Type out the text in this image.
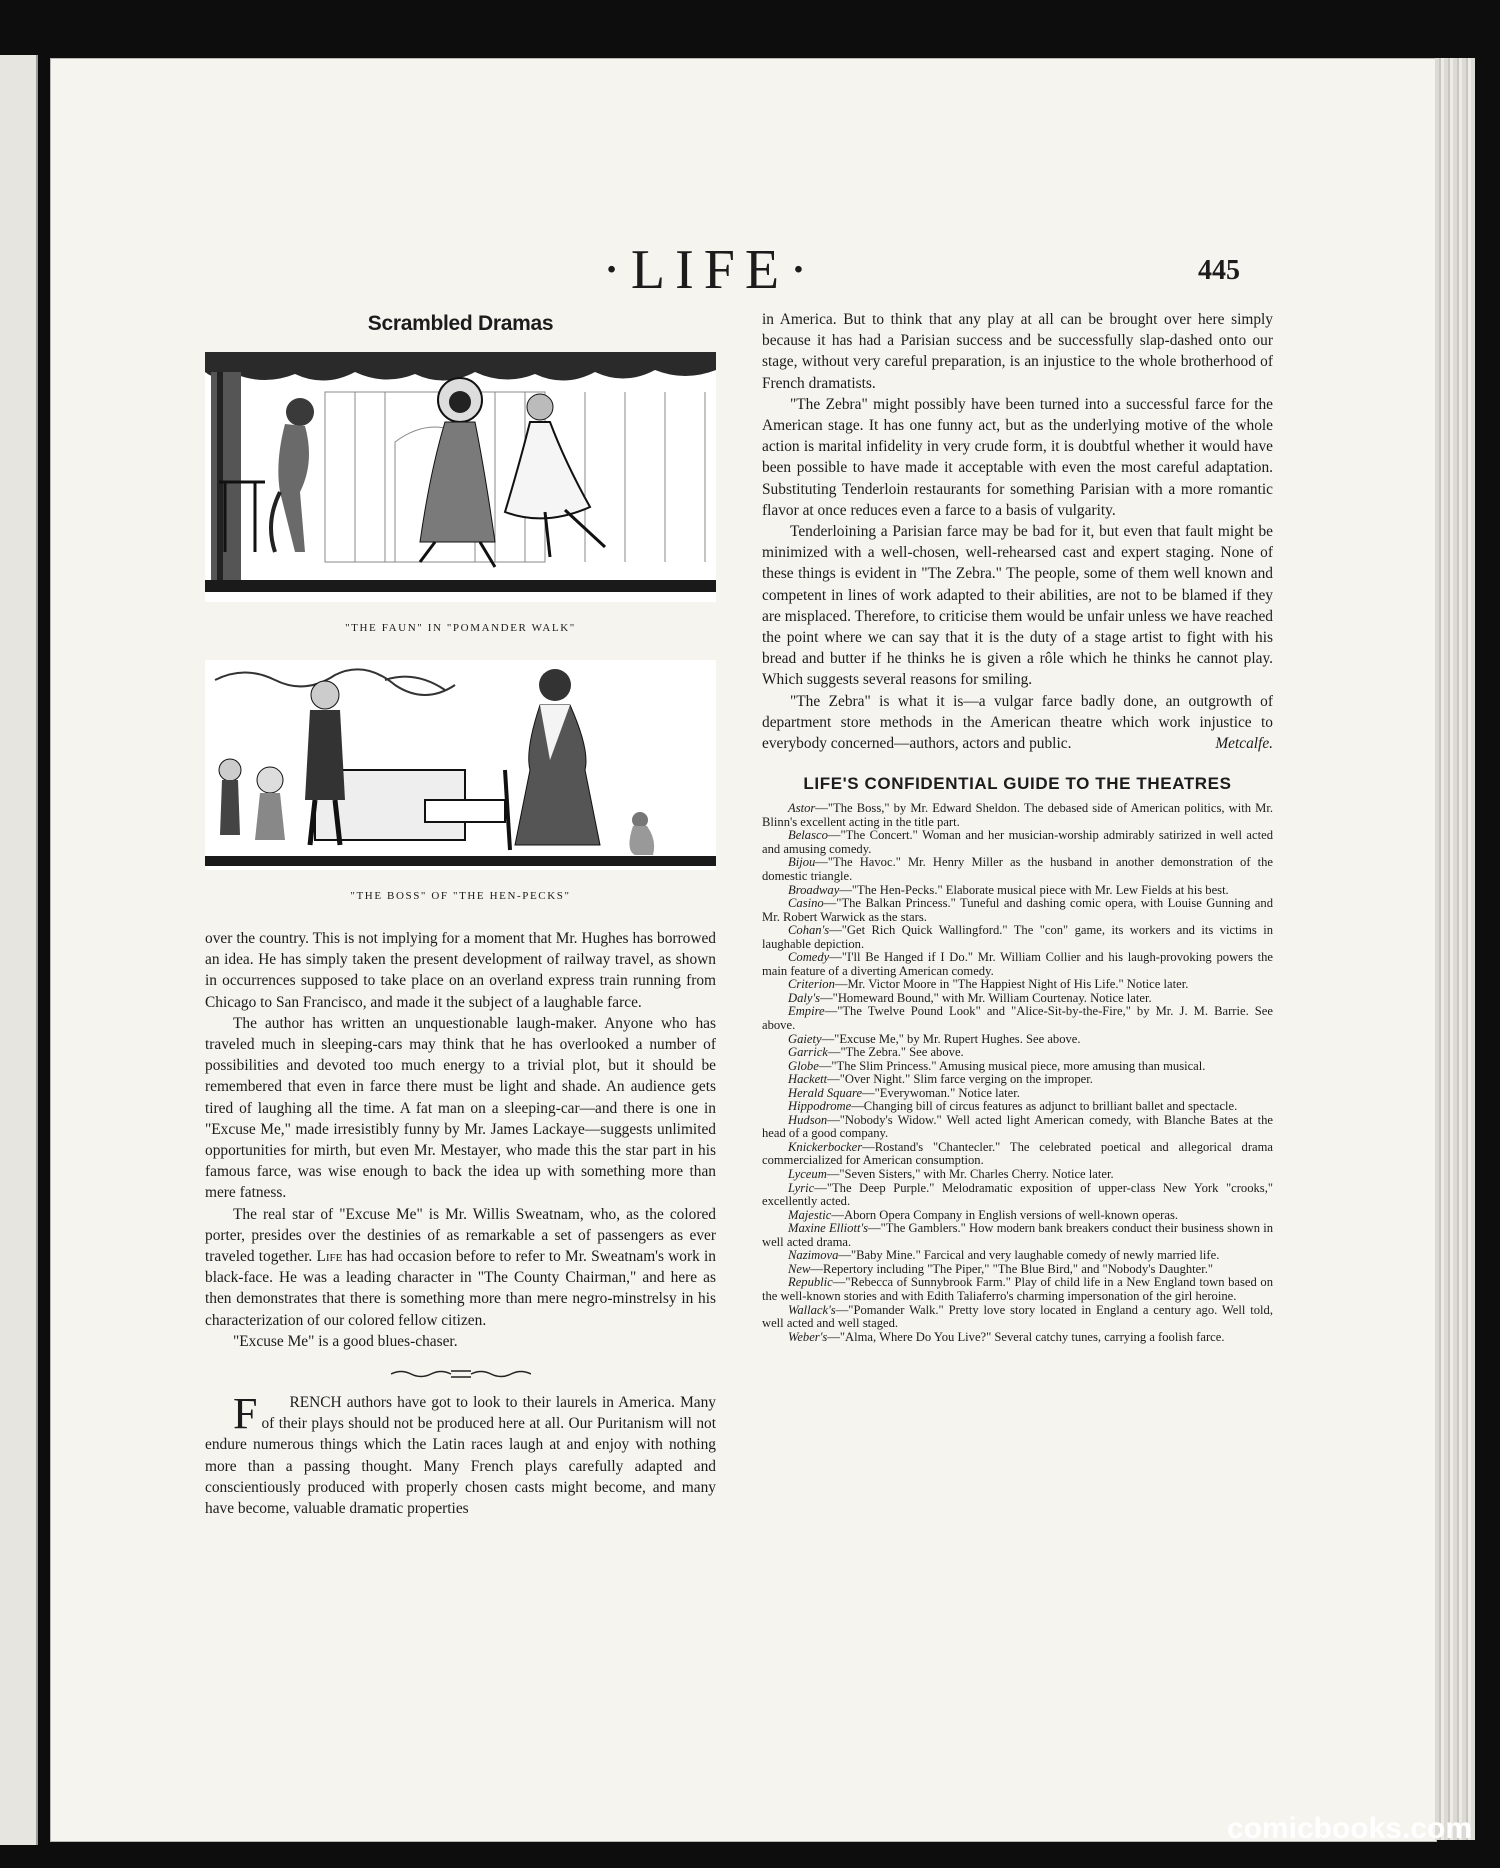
·LIFE·	445
Scrambled Dramas
"THE FAUN" IN "POMANDER WALK"
"THE BOSS" OF "THE HEN-PECKS"

over the country. This is not implying for a moment that Mr. Hughes has borrowed an idea. He has simply taken the present development of railway travel, as shown in occurrences supposed to take place on an overland express train running from Chicago to San Francisco, and made it the subject of a laughable farce.

The author has written an unquestionable laugh-maker. Anyone who has traveled much in sleeping-cars may think that he has overlooked a number of possibilities and devoted too much energy to a trivial plot, but it should be remembered that even in farce there must be light and shade. An audience gets tired of laughing all the time. A fat man on a sleeping-car—and there is one in "Excuse Me," made irresistibly funny by Mr. James Lackaye—suggests unlimited opportunities for mirth, but even Mr. Mestayer, who made this the star part in his famous farce, was wise enough to back the idea up with something more than mere fatness.

The real star of "Excuse Me" is Mr. Willis Sweatnam, who, as the colored porter, presides over the destinies of as remarkable a set of passengers as ever traveled together. Life has had occasion before to refer to Mr. Sweatnam's work in black-face. He was a leading character in "The County Chairman," and here as then demonstrates that there is something more than mere negro-minstrelsy in his characterization of our colored fellow citizen.

"Excuse Me" is a good blues-chaser.

F RENCH authors have got to look to their laurels in America. Many of their plays should not be produced here at all. Our Puritanism will not endure numerous things which the Latin races laugh at and enjoy with nothing more than a passing thought. Many French plays carefully adapted and conscientiously produced with properly chosen casts might become, and many have become, valuable dramatic properties

in America. But to think that any play at all can be brought over here simply because it has had a Parisian success and be successfully slap-dashed onto our stage, without very careful preparation, is an injustice to the whole brotherhood of French dramatists.

"The Zebra" might possibly have been turned into a successful farce for the American stage. It has one funny act, but as the underlying motive of the whole action is marital infidelity in very crude form, it is doubtful whether it would have been possible to have made it acceptable with even the most careful adaptation. Substituting Tenderloin restaurants for something Parisian with a more romantic flavor at once reduces even a farce to a basis of vulgarity.

Tenderloining a Parisian farce may be bad for it, but even that fault might be minimized with a well-chosen, well-rehearsed cast and expert staging. None of these things is evident in "The Zebra." The people, some of them well known and competent in lines of work adapted to their abilities, are not to be blamed if they are misplaced. Therefore, to criticise them would be unfair unless we have reached the point where we can say that it is the duty of a stage artist to fight with his bread and butter if he thinks he is given a rôle which he thinks he cannot play. Which suggests several reasons for smiling.

"The Zebra" is what it is—a vulgar farce badly done, an outgrowth of department store methods in the American theatre which work injustice to everybody concerned—authors, actors and public.	Metcalfe.

LIFE'S CONFIDENTIAL GUIDE TO THE THEATRES

Astor—"The Boss," by Mr. Edward Sheldon. The debased side of American politics, with Mr. Blinn's excellent acting in the title part.

Belasco—"The Concert." Woman and her musician-worship admirably satirized in well acted and amusing comedy.

Bijou—"The Havoc." Mr. Henry Miller as the husband in another demonstration of the domestic triangle.

Broadway—"The Hen-Pecks." Elaborate musical piece with Mr. Lew Fields at his best.

Casino—"The Balkan Princess." Tuneful and dashing comic opera, with Louise Gunning and Mr. Robert Warwick as the stars.

Cohan's—"Get Rich Quick Wallingford." The "con" game, its workers and its victims in laughable depiction.

Comedy—"I'll Be Hanged if I Do." Mr. William Collier and his laugh-provoking powers the main feature of a diverting American comedy.

Criterion—Mr. Victor Moore in "The Happiest Night of His Life." Notice later.

Daly's—"Homeward Bound," with Mr. William Courtenay. Notice later.

Empire—"The Twelve Pound Look" and "Alice-Sit-by-the-Fire," by Mr. J. M. Barrie. See above.

Gaiety—"Excuse Me," by Mr. Rupert Hughes. See above.

Garrick—"The Zebra." See above.

Globe—"The Slim Princess." Amusing musical piece, more amusing than musical.

Hackett—"Over Night." Slim farce verging on the improper.

Herald Square—"Everywoman." Notice later.

Hippodrome—Changing bill of circus features as adjunct to brilliant ballet and spectacle.

Hudson—"Nobody's Widow." Well acted light American comedy, with Blanche Bates at the head of a good company.

Knickerbocker—Rostand's "Chantecler." The celebrated poetical and allegorical drama commercialized for American consumption.

Lyceum—"Seven Sisters," with Mr. Charles Cherry. Notice later.

Lyric—"The Deep Purple." Melodramatic exposition of upper-class New York "crooks," excellently acted.

Majestic—Aborn Opera Company in English versions of well-known operas.

Maxine Elliott's—"The Gamblers." How modern bank breakers conduct their business shown in well acted drama.

Nazimova—"Baby Mine." Farcical and very laughable comedy of newly married life.

New—Repertory including "The Piper," "The Blue Bird," and "Nobody's Daughter."

Republic—"Rebecca of Sunnybrook Farm." Play of child life in a New England town based on the well-known stories and with Edith Taliaferro's charming impersonation of the girl heroine.

Wallack's—"Pomander Walk." Pretty love story located in England a century ago. Well told, well acted and well staged.

Weber's—"Alma, Where Do You Live?" Several catchy tunes, carrying a foolish farce.

comicbooks.com
